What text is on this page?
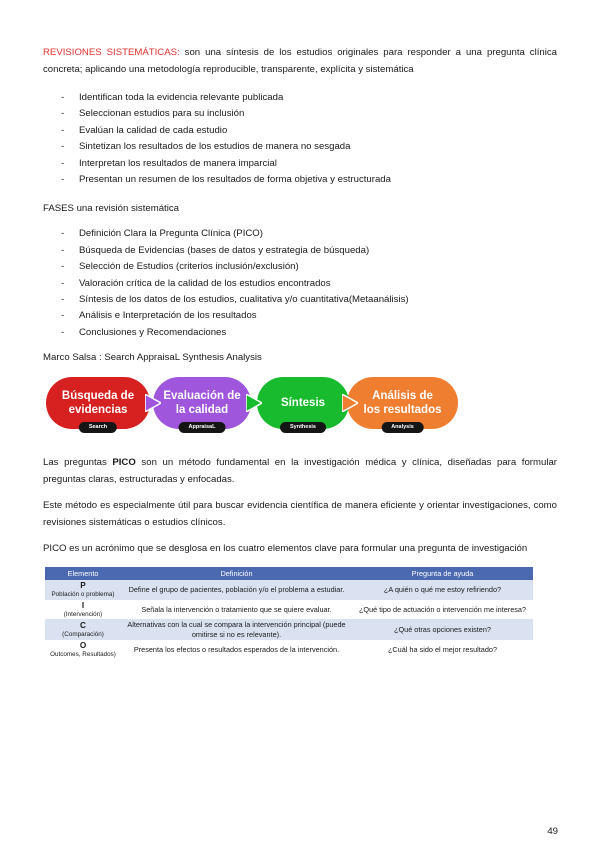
REVISIONES SISTEMÁTICAS: son una síntesis de los estudios originales para responder a una pregunta clínica concreta; aplicando una metodología reproducible, transparente, explícita y sistemática

- Identifican toda la evidencia relevante publicada
- Seleccionan estudios para su inclusión
- Evalúan la calidad de cada estudio
- Sintetizan los resultados de los estudios de manera no sesgada
- Interpretan los resultados de manera imparcial
- Presentan un resumen de los resultados de forma objetiva y estructurada

FASES una revisión sistemática

- Definición Clara la Pregunta Clínica (PICO)
- Búsqueda de Evidencias (bases de datos y estrategia de búsqueda)
- Selección de Estudios (criterios inclusión/exclusión)
- Valoración crítica de la calidad de los estudios encontrados
- Síntesis de los datos de los estudios, cualitativa y/o cuantitativa(Metaanálisis)
- Análisis e Interpretación de los resultados
- Conclusiones y Recomendaciones

Marco Salsa : Search AppraisaL Synthesis Analysis

Búsqueda de evidencias
Search
Evaluación de la calidad
AppraisaL
Síntesis
Synthesis
Análisis de los resultados
Analysis

Las preguntas PICO son un método fundamental en la investigación médica y clínica, diseñadas para formular preguntas claras, estructuradas y enfocadas.

Este método es especialmente útil para buscar evidencia científica de manera eficiente y orientar investigaciones, como revisiones sistemáticas o estudios clínicos.

PICO es un acrónimo que se desglosa en los cuatro elementos clave para formular una pregunta de investigación

Elemento	Definición	Pregunta de ayuda

P
Población o problema)	Define el grupo de pacientes, población y/o el problema a estudiar.	¿A quién o qué me estoy refiriendo?

I
(Intervención)	Señala la intervención o tratamiento que se quiere evaluar.	¿Qué tipo de actuación o intervención me interesa?

C
(Comparación)	Alternativas con la cual se compara la intervención principal (puede omitirse si no es relevante).	¿Qué otras opciones existen?

O
Outcomes, Resultados)	Presenta los efectos o resultados esperados de la intervención.	¿Cuál ha sido el mejor resultado?
49
